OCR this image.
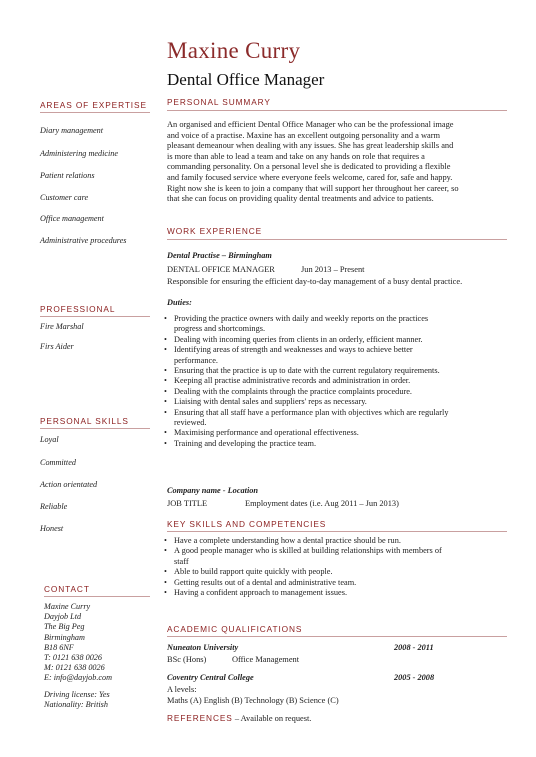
Maxine Curry
Dental Office Manager
AREAS OF EXPERTISE
Diary management
Administering medicine
Patient relations
Customer care
Office management
Administrative procedures
PROFESSIONAL
Fire Marshal
Firs Aider
PERSONAL SKILLS
Loyal
Committed
Action orientated
Reliable
Honest
CONTACT
Maxine Curry
Dayjob Ltd
The Big Peg
Birmingham
B18 6NF
T: 0121 638 0026
M: 0121 638 0026
E: info@dayjob.com
Driving license: Yes
Nationality: British
PERSONAL SUMMARY
An organised and efficient Dental Office Manager who can be the professional image
and voice of a practise. Maxine has an excellent outgoing personality and a warm
pleasant demeanour when dealing with any issues. She has great leadership skills and
is more than able to lead a team and take on any hands on role that requires a
commanding personality. On a personal level she is dedicated to providing a flexible
and family focused service where everyone feels welcome, cared for, safe and happy.
Right now she is keen to join a company that will support her throughout her career, so
that she can focus on providing quality dental treatments and advice to patients.
WORK EXPERIENCE
Dental Practise – Birmingham
DENTAL OFFICE MANAGER	Jun 2013 – Present
Responsible for ensuring the efficient day-to-day management of a busy dental practice.
Duties:
• Providing the practice owners with daily and weekly reports on the practices
progress and shortcomings.
• Dealing with incoming queries from clients in an orderly, efficient manner.
• Identifying areas of strength and weaknesses and ways to achieve better
performance.
• Ensuring that the practice is up to date with the current regulatory requirements.
• Keeping all practise administrative records and administration in order.
• Dealing with the complaints through the practice complaints procedure.
• Liaising with dental sales and suppliers' reps as necessary.
• Ensuring that all staff have a performance plan with objectives which are regularly
reviewed.
• Maximising performance and operational effectiveness.
• Training and developing the practice team.
Company name - Location
JOB TITLE	Employment dates (i.e. Aug 2011 – Jun 2013)
KEY SKILLS AND COMPETENCIES
• Have a complete understanding how a dental practice should be run.
• A good people manager who is skilled at building relationships with members of
staff
• Able to build rapport quite quickly with people.
• Getting results out of a dental and administrative team.
• Having a confident approach to management issues.
ACADEMIC QUALIFICATIONS
Nuneaton University	2008 - 2011
BSc (Hons)	Office Management
Coventry Central College	2005 - 2008
A levels:
Maths (A) English (B) Technology (B) Science (C)
REFERENCES – Available on request.
